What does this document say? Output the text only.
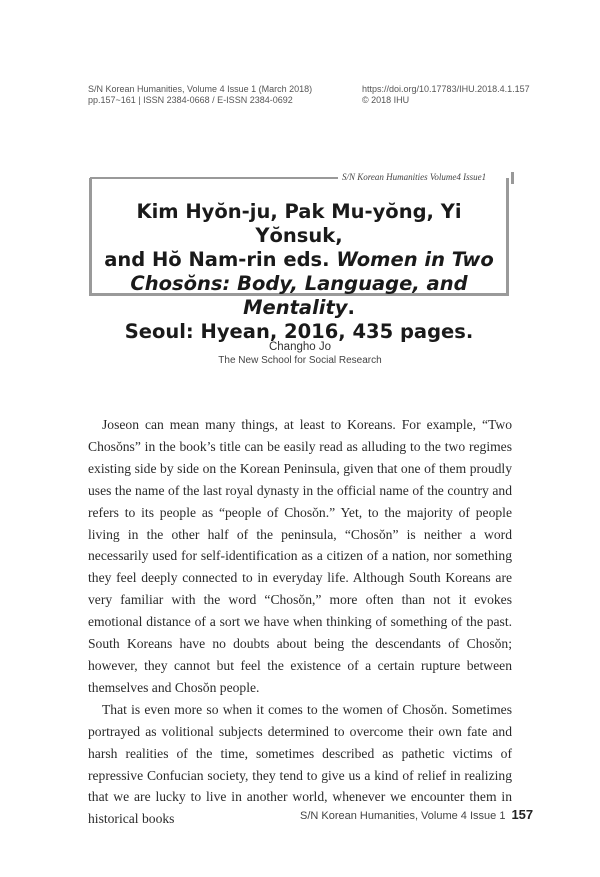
S/N Korean Humanities, Volume 4 Issue 1 (March 2018)
pp.157~161 | ISSN 2384-0668 / E-ISSN 2384-0692
https://doi.org/10.17783/IHU.2018.4.1.157
© 2018 IHU
S/N Korean Humanities Volume4 Issue1
Kim Hyŏn-ju, Pak Mu-yŏng, Yi Yŏnsuk,
and Hŏ Nam-rin eds. Women in Two
Chosŏns: Body, Language, and Mentality.
Seoul: Hyean, 2016, 435 pages.
Changho Jo
The New School for Social Research

Joseon can mean many things, at least to Koreans. For example, “Two Chosŏns” in the book’s title can be easily read as alluding to the two regimes existing side by side on the Korean Peninsula, given that one of them proudly uses the name of the last royal dynasty in the official name of the country and refers to its people as “people of Chosŏn.” Yet, to the majority of people living in the other half of the peninsula, “Chosŏn” is neither a word necessarily used for self-identification as a citizen of a nation, nor something they feel deeply connected to in everyday life. Although South Koreans are very familiar with the word “Chosŏn,” more often than not it evokes emotional distance of a sort we have when thinking of something of the past. South Koreans have no doubts about being the descendants of Chosŏn; however, they cannot but feel the existence of a certain rupture between themselves and Chosŏn people.

That is even more so when it comes to the women of Chosŏn. Sometimes portrayed as volitional subjects determined to overcome their own fate and harsh realities of the time, sometimes described as pathetic victims of repressive Confucian society, they tend to give us a kind of relief in realizing that we are lucky to live in another world, whenever we encounter them in historical books	S/N Korean Humanities, Volume 4 Issue 1 157
